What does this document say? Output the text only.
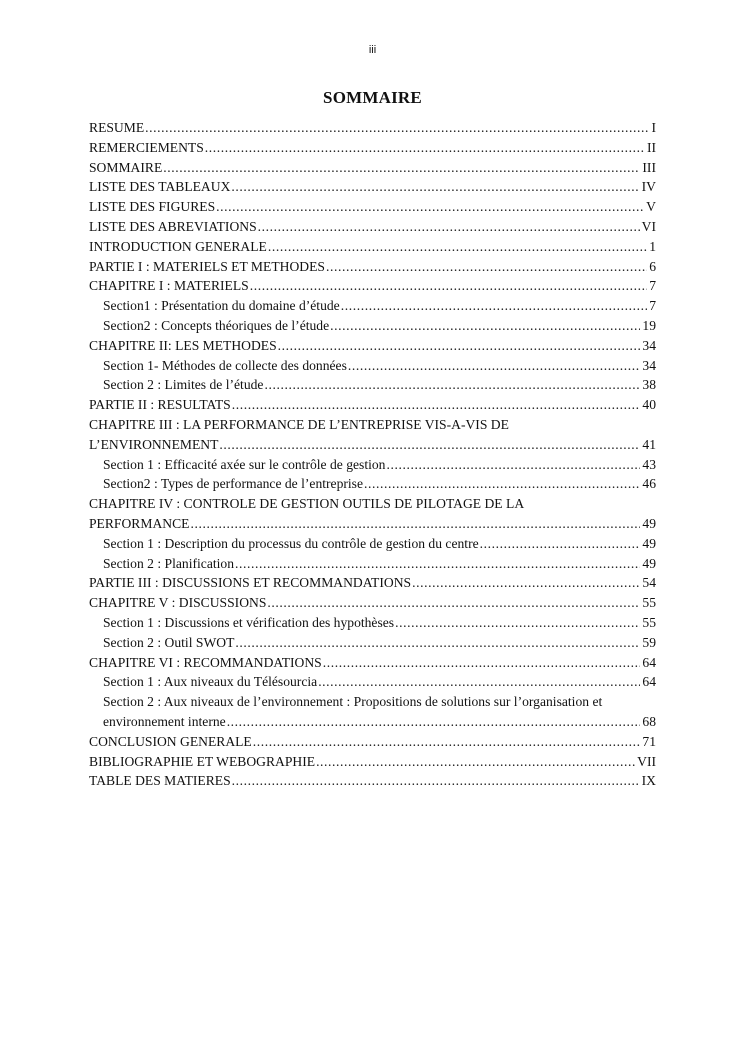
iii
SOMMAIRE
RESUME .....	I
REMERCIEMENTS .....	II
SOMMAIRE .....	III
LISTE DES TABLEAUX .....	IV
LISTE DES FIGURES .....	V
LISTE DES ABREVIATIONS .....	VI
INTRODUCTION GENERALE .....	1
PARTIE I : MATERIELS ET METHODES .....	6
CHAPITRE I : MATERIELS .....	7
Section1 : Présentation du domaine d’étude .....	7
Section2 : Concepts théoriques de l’étude .....	19
CHAPITRE II: LES METHODES .....	34
Section 1- Méthodes de collecte des données .....	34
Section 2 : Limites de l’étude .....	38
PARTIE II : RESULTATS .....	40
CHAPITRE III : LA PERFORMANCE DE L’ENTREPRISE VIS-A-VIS DE
L’ENVIRONNEMENT .....	41
Section 1 : Efficacité axée sur le contrôle de gestion .....	43
Section2 : Types de performance de l’entreprise .....	46
CHAPITRE IV : CONTROLE DE GESTION OUTILS DE PILOTAGE DE LA
PERFORMANCE .....	49
Section 1 : Description du processus du contrôle de gestion du centre .....	49
Section 2 : Planification .....	49
PARTIE III : DISCUSSIONS ET RECOMMANDATIONS .....	54
CHAPITRE V : DISCUSSIONS .....	55
Section 1 : Discussions et vérification des hypothèses .....	55
Section 2 : Outil SWOT .....	59
CHAPITRE VI : RECOMMANDATIONS .....	64
Section 1 : Aux niveaux du Télésourcia .....	64
Section 2 : Aux niveaux de l’environnement : Propositions de solutions sur l’organisation et
environnement interne .....	68
CONCLUSION GENERALE .....	71
BIBLIOGRAPHIE ET WEBOGRAPHIE .....	VII
TABLE DES MATIERES .....	IX
